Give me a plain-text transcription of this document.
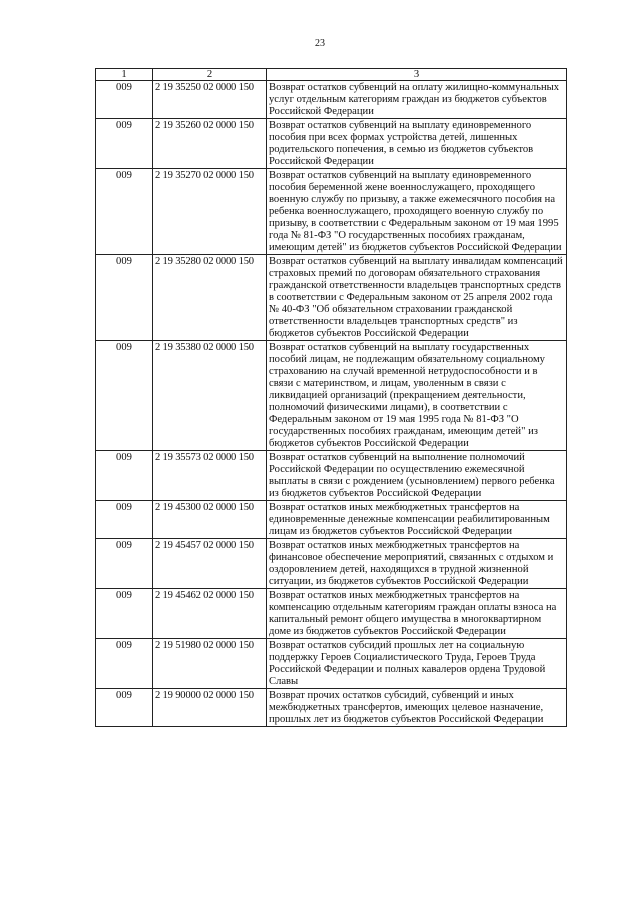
23
1	2	3
009	2 19 35250 02 0000 150	Возврат остатков субвенций на оплату жилищно-коммунальных услуг отдельным категориям граждан из бюджетов субъектов Российской Федерации
009	2 19 35260 02 0000 150	Возврат остатков субвенций на выплату единовременного пособия при всех формах устройства детей, лишенных родительского попечения, в семью из бюджетов субъектов Российской Федерации
009	2 19 35270 02 0000 150	Возврат остатков субвенций на выплату единовременного пособия беременной жене военнослужащего, проходящего военную службу по призыву, а также ежемесячного пособия на ребенка военнослужащего, проходящего военную службу по призыву, в соответствии с Федеральным законом от 19 мая 1995 года № 81-ФЗ "О государственных пособиях гражданам, имеющим детей" из бюджетов субъектов Российской Федерации
009	2 19 35280 02 0000 150	Возврат остатков субвенций на выплату инвалидам компенсаций страховых премий по договорам обязательного страхования гражданской ответственности владельцев транспортных средств в соответствии с Федеральным законом от 25 апреля 2002 года № 40-ФЗ "Об обязательном страховании гражданской ответственности владельцев транспортных средств" из бюджетов субъектов Российской Федерации
009	2 19 35380 02 0000 150	Возврат остатков субвенций на выплату государственных пособий лицам, не подлежащим обязательному социальному страхованию на случай временной нетрудоспособности и в связи с материнством, и лицам, уволенным в связи с ликвидацией организаций (прекращением деятельности, полномочий физическими лицами), в соответствии с Федеральным законом от 19 мая 1995 года № 81-ФЗ "О государственных пособиях гражданам, имеющим детей" из бюджетов субъектов Российской Федерации
009	2 19 35573 02 0000 150	Возврат остатков субвенций на выполнение полномочий Российской Федерации по осуществлению ежемесячной выплаты в связи с рождением (усыновлением) первого ребенка из бюджетов субъектов Российской Федерации
009	2 19 45300 02 0000 150	Возврат остатков иных межбюджетных трансфертов на единовременные денежные компенсации реабилитированным лицам из бюджетов субъектов Российской Федерации
009	2 19 45457 02 0000 150	Возврат остатков иных межбюджетных трансфертов на финансовое обеспечение мероприятий, связанных с отдыхом и оздоровлением детей, находящихся в трудной жизненной ситуации, из бюджетов субъектов Российской Федерации
009	2 19 45462 02 0000 150	Возврат остатков иных межбюджетных трансфертов на компенсацию отдельным категориям граждан оплаты взноса на капитальный ремонт общего имущества в многоквартирном доме из бюджетов субъектов Российской Федерации
009	2 19 51980 02 0000 150	Возврат остатков субсидий прошлых лет на социальную поддержку Героев Социалистического Труда, Героев Труда Российской Федерации и полных кавалеров ордена Трудовой Славы
009	2 19 90000 02 0000 150	Возврат прочих остатков субсидий, субвенций и иных межбюджетных трансфертов, имеющих целевое назначение, прошлых лет из бюджетов субъектов Российской Федерации
